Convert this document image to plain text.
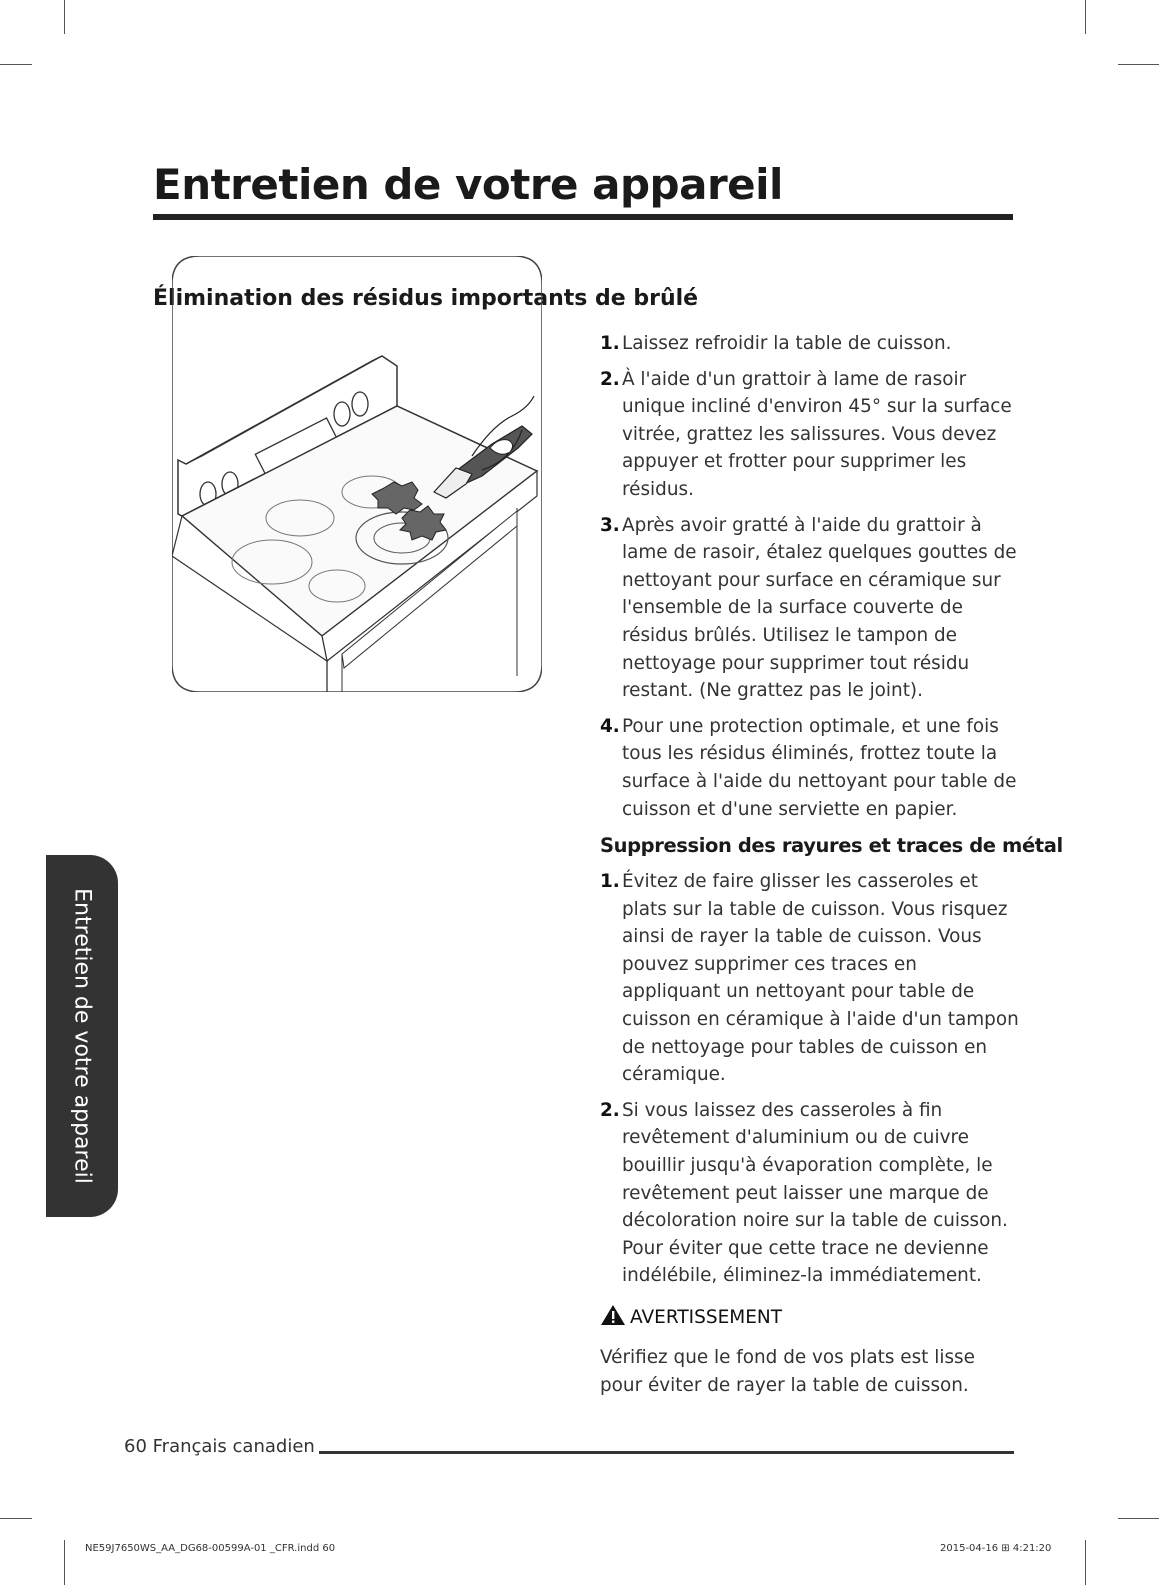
Entretien de votre appareil
Élimination des résidus importants de brûlé
1. Laissez refroidir la table de cuisson.
2. À l'aide d'un grattoir à lame de rasoir unique incliné d'environ 45° sur la surface vitrée, grattez les salissures. Vous devez appuyer et frotter pour supprimer les résidus.
3. Après avoir gratté à l'aide du grattoir à lame de rasoir, étalez quelques gouttes de nettoyant pour surface en céramique sur l'ensemble de la surface couverte de résidus brûlés. Utilisez le tampon de nettoyage pour supprimer tout résidu restant. (Ne grattez pas le joint).
4. Pour une protection optimale, et une fois tous les résidus éliminés, frottez toute la surface à l'aide du nettoyant pour table de cuisson et d'une serviette en papier.
Suppression des rayures et traces de métal
1. Évitez de faire glisser les casseroles et plats sur la table de cuisson. Vous risquez ainsi de rayer la table de cuisson. Vous pouvez supprimer ces traces en appliquant un nettoyant pour table de cuisson en céramique à l'aide d'un tampon de nettoyage pour tables de cuisson en céramique.
2. Si vous laissez des casseroles à fin revêtement d'aluminium ou de cuivre bouillir jusqu'à évaporation complète, le revêtement peut laisser une marque de décoloration noire sur la table de cuisson. Pour éviter que cette trace ne devienne indélébile, éliminez-la immédiatement.
AVERTISSEMENT

Vérifiez que le fond de vos plats est lisse pour éviter de rayer la table de cuisson.

Entretien de votre appareil
60 Français canadien
NE59J7650WS_AA_DG68-00599A-01 _CFR.indd 60	2015-04-16 ⊞ 4:21:20
